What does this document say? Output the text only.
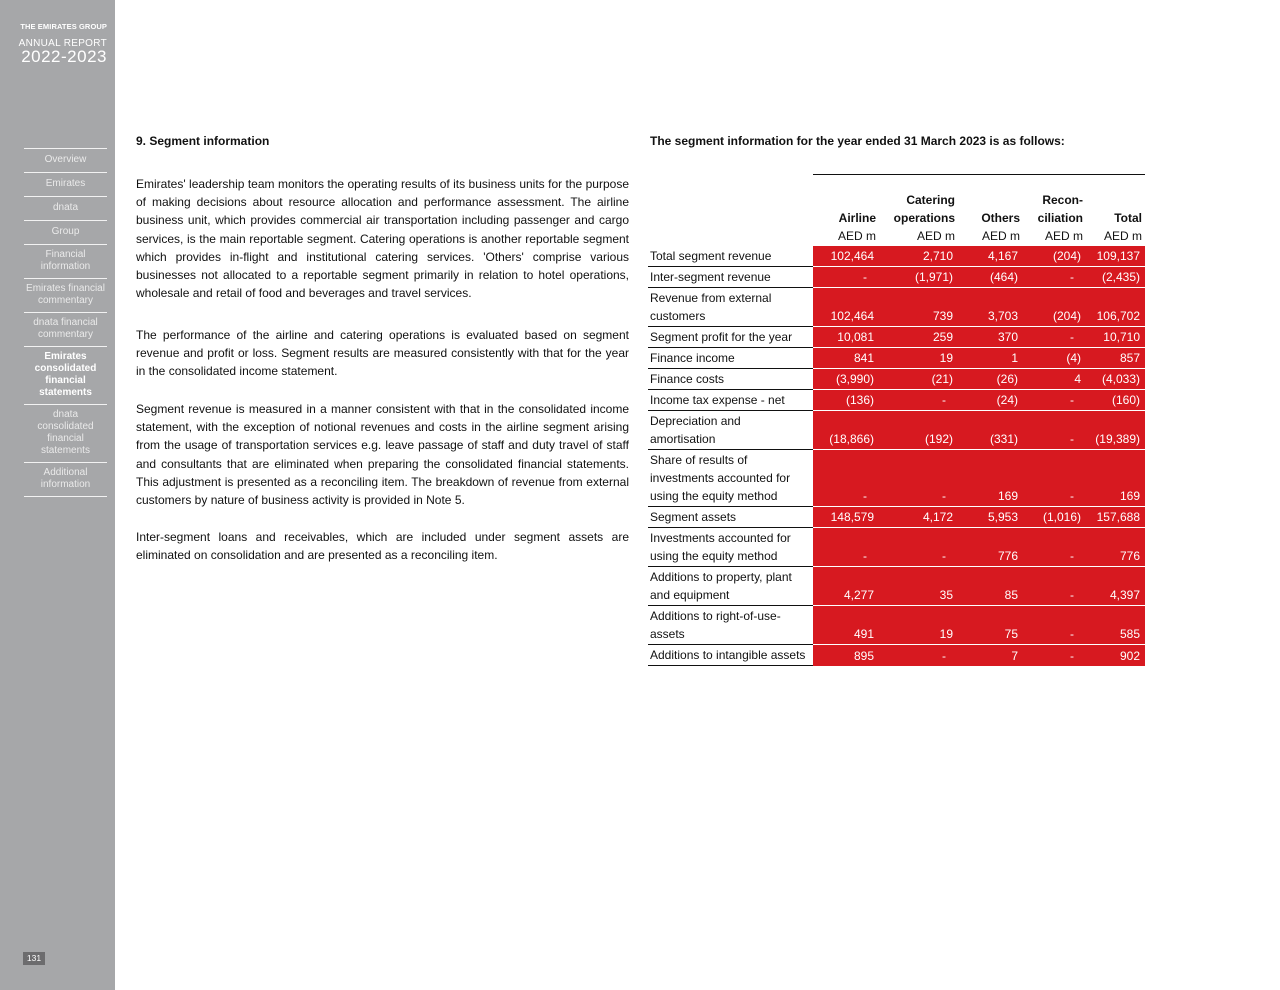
THE EMIRATES GROUP
ANNUAL REPORT
2022-2023
Overview
Emirates
dnata
Group
Financial information
Emirates financial commentary
dnata financial commentary
Emirates consolidated financial statements
dnata consolidated financial statements
Additional information
131
9. Segment information

Emirates' leadership team monitors the operating results of its business units for the purpose of making decisions about resource allocation and performance assessment. The airline business unit, which provides commercial air transportation including passenger and cargo services, is the main reportable segment. Catering operations is another reportable segment which provides in-flight and institutional catering services. 'Others' comprise various businesses not allocated to a reportable segment primarily in relation to hotel operations, wholesale and retail of food and beverages and travel services.

The performance of the airline and catering operations is evaluated based on segment revenue and profit or loss. Segment results are measured consistently with that for the year in the consolidated income statement.

Segment revenue is measured in a manner consistent with that in the consolidated income statement, with the exception of notional revenues and costs in the airline segment arising from the usage of transportation services e.g. leave passage of staff and duty travel of staff and consultants that are eliminated when preparing the consolidated financial statements. This adjustment is presented as a reconciling item. The breakdown of revenue from external customers by nature of business activity is provided in Note 5.

Inter-segment loans and receivables, which are included under segment assets are eliminated on consolidation and are presented as a reconciling item.

The segment information for the year ended 31 March 2023 is as follows:
		Catering		Recon-	
	Airline	operations	Others	ciliation	Total
	AED m	AED m	AED m	AED m	AED m
Total segment revenue	102,464	2,710	4,167	(204)	109,137
Inter-segment revenue	-	(1,971)	(464)	-	(2,435)
Revenue from external
customers	102,464	739	3,703	(204)	106,702
Segment profit for the year	10,081	259	370	-	10,710
Finance income	841	19	1	(4)	857
Finance costs	(3,990)	(21)	(26)	4	(4,033)
Income tax expense - net	(136)	-	(24)	-	(160)
Depreciation and
amortisation	(18,866)	(192)	(331)	-	(19,389)
Share of results of
investments accounted for
using the equity method	-	-	169	-	169
Segment assets	148,579	4,172	5,953	(1,016)	157,688
Investments accounted for
using the equity method	-	-	776	-	776
Additions to property, plant
and equipment	4,277	35	85	-	4,397
Additions to right-of-use-
assets	491	19	75	-	585
Additions to intangible assets	895	-	7	-	902
